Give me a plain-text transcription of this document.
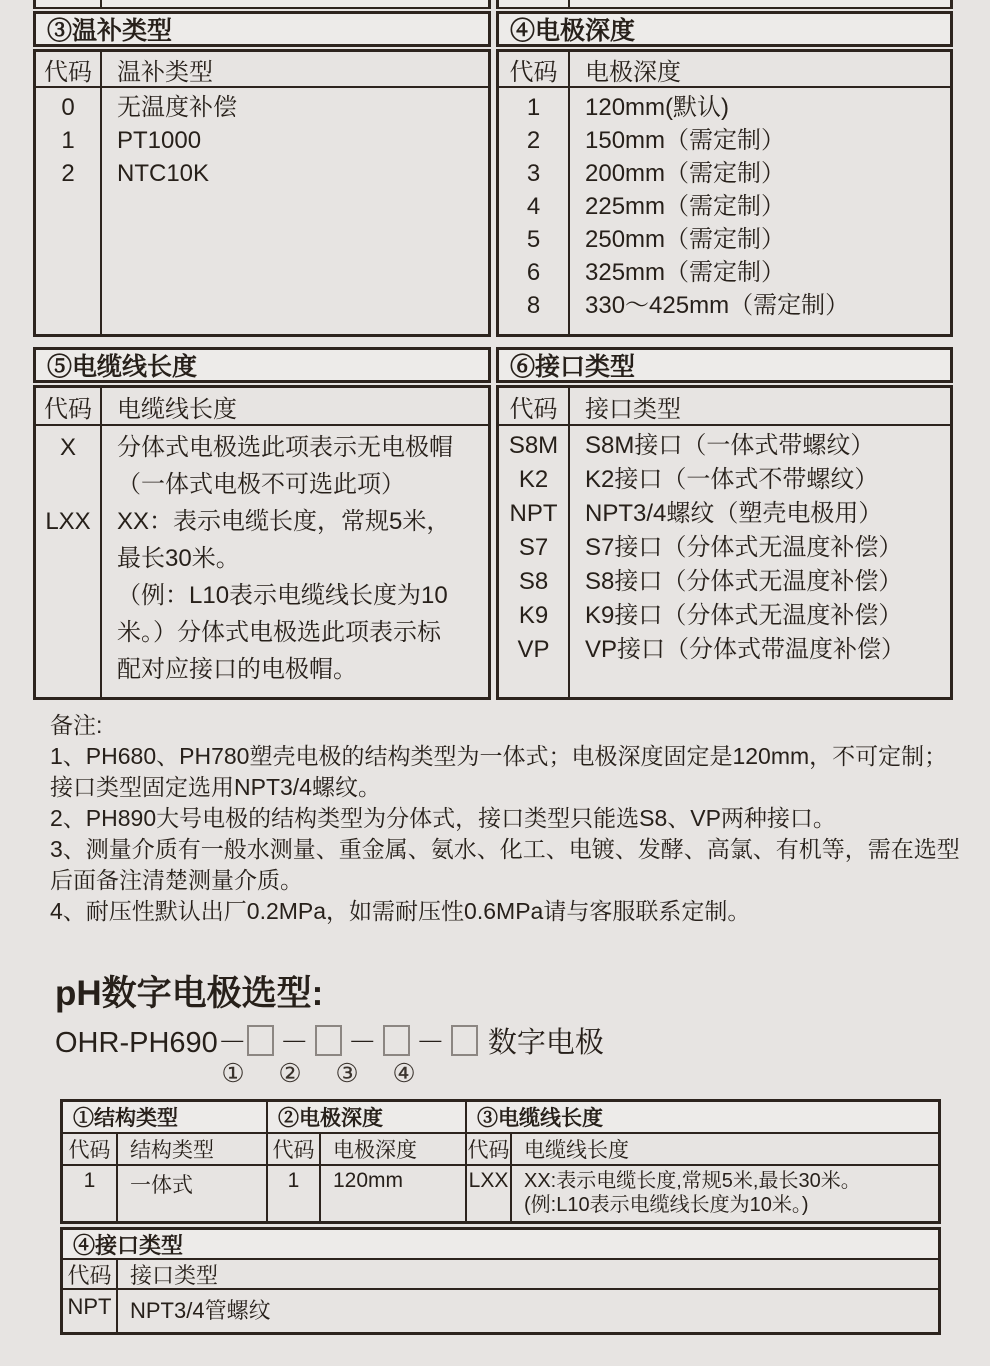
③温补类型
代码	温补类型
0	无温度补偿
1	PT1000
2	NTC10K
④电极深度
代码	电极深度
1	120mm(默认)
2	150mm（需定制）
3	200mm（需定制）
4	225mm（需定制）
5	250mm（需定制）
6	325mm（需定制）
8	330～425mm（需定制）
⑤电缆线长度
代码	电缆线长度
X	分体式电极选此项表示无电极帽
（一体式电极不可选此项）
LXX	XX：表示电缆长度，常规5米，
最长30米。
（例：L10表示电缆线长度为10
米。）分体式电极选此项表示标
配对应接口的电极帽。
⑥接口类型
代码	接口类型
S8M	S8M接口（一体式带螺纹）
K2	K2接口（一体式不带螺纹）
NPT	NPT3/4螺纹（塑壳电极用）
S7	S7接口（分体式无温度补偿）
S8	S8接口（分体式无温度补偿）
K9	K9接口（分体式无温度补偿）
VP	VP接口（分体式带温度补偿）
备注:
1、PH680、PH780塑壳电极的结构类型为一体式；电极深度固定是120mm，不可定制；
接口类型固定选用NPT3/4螺纹。
2、PH890大号电极的结构类型为分体式，接口类型只能选S8、VP两种接口。
3、测量介质有一般水测量、重金属、氨水、化工、电镀、发酵、高氯、有机等，需在选型
后面备注清楚测量介质。
4、耐压性默认出厂0.2MPa，如需耐压性0.6MPa请与客服联系定制。
pH数字电极选型:
OHR-PH690－ － － － 数字电极
① ② ③ ④
①结构类型	②电极深度	③电缆线长度
代码 结构类型	代码 电极深度	代码 电缆线长度
1	一体式	1	120mm	LXX XX:表示电缆长度,常规5米,最长30米。
(例:L10表示电缆线长度为10米。)
④接口类型
代码 接口类型
NPT NPT3/4管螺纹
